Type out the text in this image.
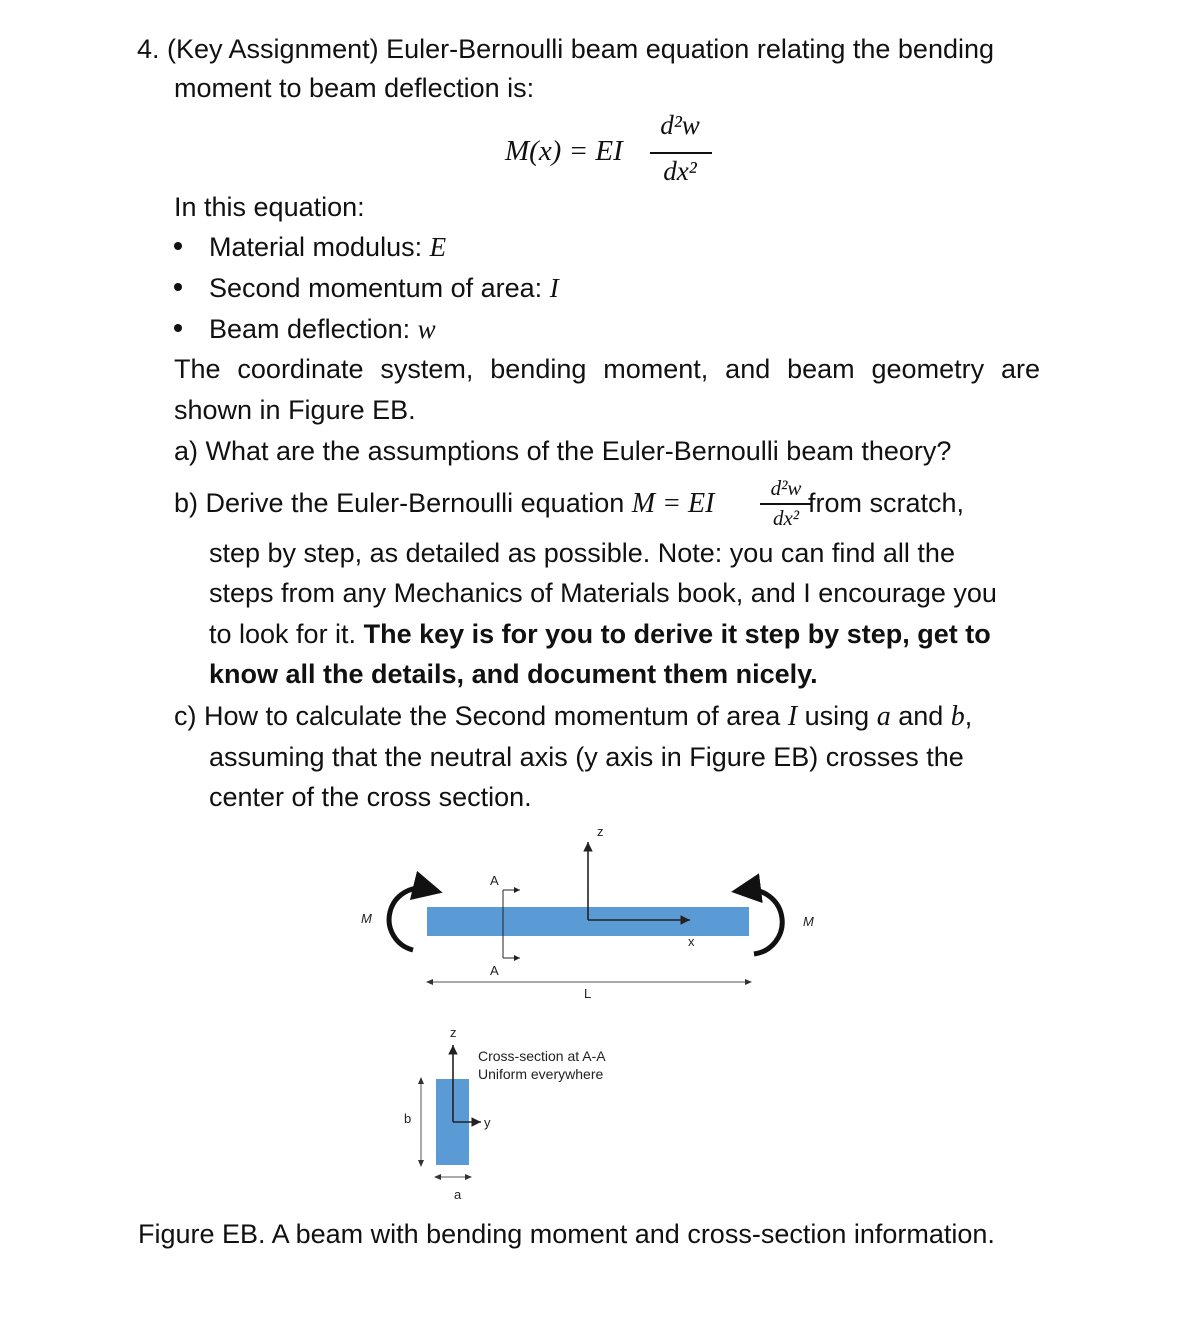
4. (Key Assignment) Euler-Bernoulli beam equation relating the bending
moment to beam deflection is:
M(x) = EI
d²w
dx²
In this equation:
Material modulus: E
Second momentum of area: I
Beam deflection: w
The coordinate system, bending moment, and beam geometry are
shown in Figure EB.
a) What are the assumptions of the Euler-Bernoulli beam theory?
b) Derive the Euler-Bernoulli equation M = EI	d²w
dx² from scratch,
step by step, as detailed as possible. Note: you can find all the
steps from any Mechanics of Materials book, and I encourage you
to look for it. The key is for you to derive it step by step, get to
know all the details, and document them nicely.
c) How to calculate the Second momentum of area I using a and b,
assuming that the neutral axis (y axis in Figure EB) crosses the
center of the cross section.
z
x
A
A
M	M
L
z
y
b
a
Cross-section at A-A
Uniform everywhere
Figure EB. A beam with bending moment and cross-section information.
